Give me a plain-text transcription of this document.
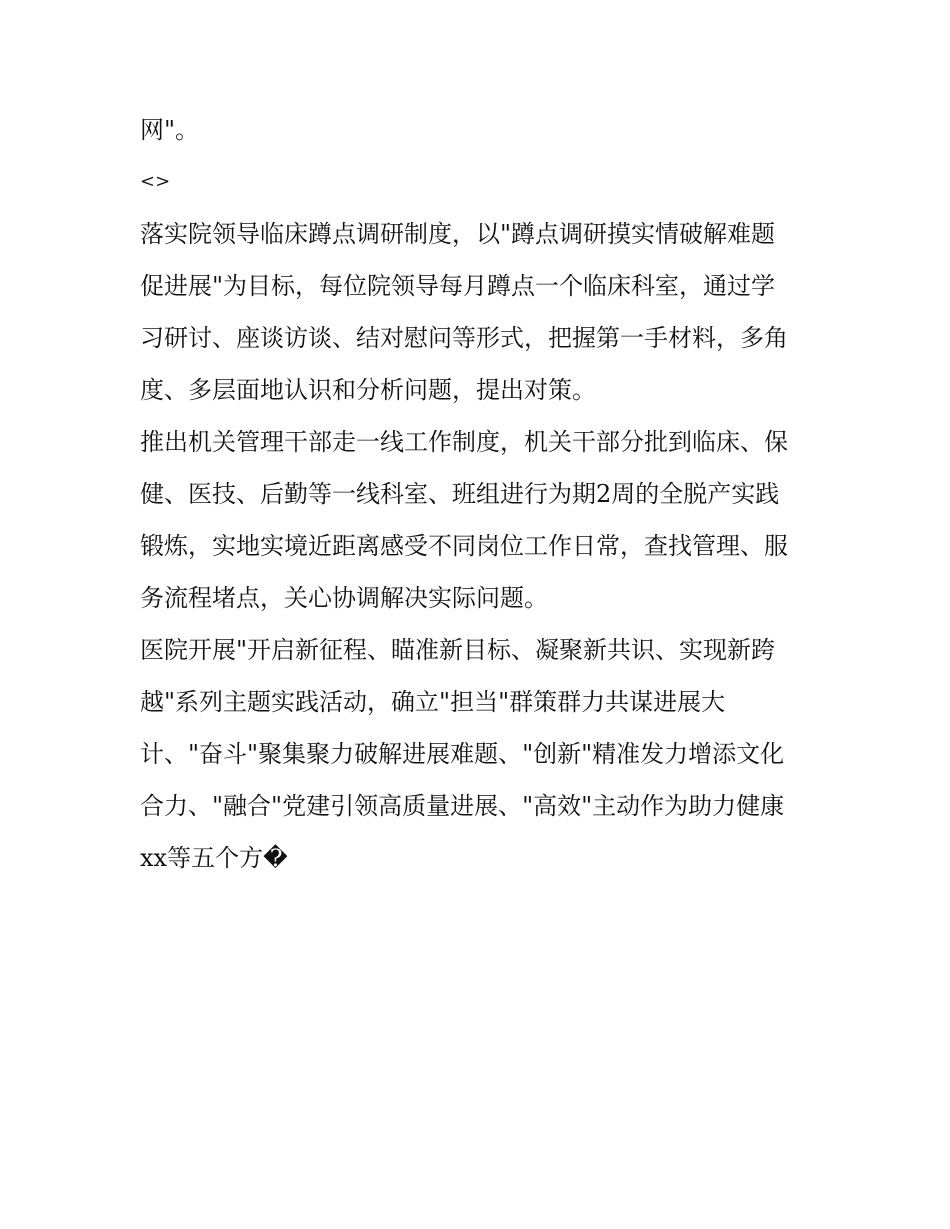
网"。
<>
落实院领导临床蹲点调研制度，以"蹲点调研摸实情破解难题
促进展"为目标，每位院领导每月蹲点一个临床科室，通过学
习研讨、座谈访谈、结对慰问等形式，把握第一手材料，多角
度、多层面地认识和分析问题，提出对策。
推出机关管理干部走一线工作制度，机关干部分批到临床、保
健、医技、后勤等一线科室、班组进行为期2周的全脱产实践
锻炼，实地实境近距离感受不同岗位工作日常，查找管理、服
务流程堵点，关心协调解决实际问题。
医院开展"开启新征程、瞄准新目标、凝聚新共识、实现新跨
越"系列主题实践活动，确立"担当"群策群力共谋进展大
计、"奋斗"聚集聚力破解进展难题、"创新"精准发力增添文化
合力、"融合"党建引领高质量进展、"高效"主动作为助力健康
xx等五个方�
